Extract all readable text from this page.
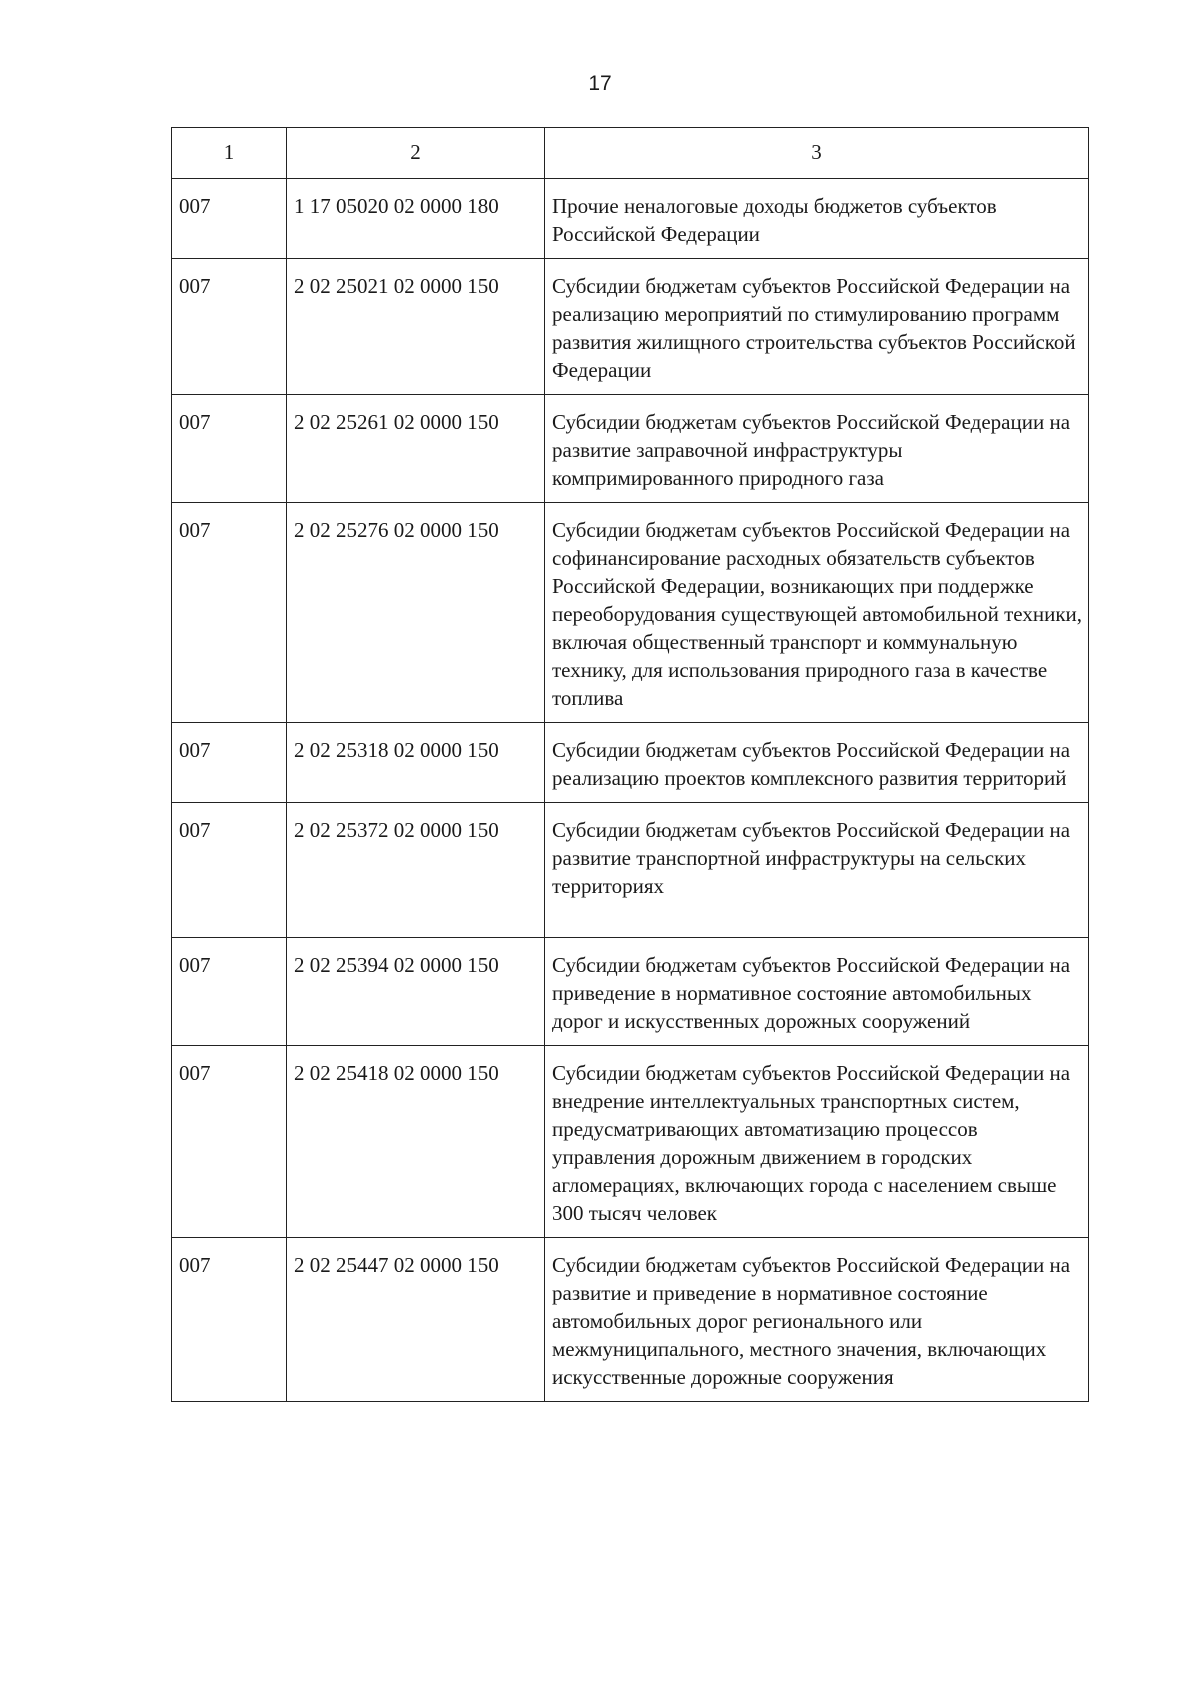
17
1	2	3
007	1 17 05020 02 0000 180	Прочие неналоговые доходы бюджетов субъектов Российской Федерации
007	2 02 25021 02 0000 150	Субсидии бюджетам субъектов Российской Федерации на реализацию мероприятий по стимулированию программ развития жилищного строительства субъектов Российской Федерации
007	2 02 25261 02 0000 150	Субсидии бюджетам субъектов Российской Федерации на развитие заправочной инфраструктуры компримированного природного газа
007	2 02 25276 02 0000 150	Субсидии бюджетам субъектов Российской Федерации на софинансирование расходных обязательств субъектов Российской Федерации, возникающих при поддержке переоборудования существующей автомобильной техники, включая общественный транспорт и коммунальную технику, для использования природного газа в качестве топлива
007	2 02 25318 02 0000 150	Субсидии бюджетам субъектов Российской Федерации на реализацию проектов комплексного развития территорий
007	2 02 25372 02 0000 150	Субсидии бюджетам субъектов Российской Федерации на развитие транспортной инфраструктуры на сельских территориях
007	2 02 25394 02 0000 150	Субсидии бюджетам субъектов Российской Федерации на приведение в нормативное состояние автомобильных дорог и искусственных дорожных сооружений
007	2 02 25418 02 0000 150	Субсидии бюджетам субъектов Российской Федерации на внедрение интеллектуальных транспортных систем, предусматривающих автоматизацию процессов управления дорожным движением в городских агломерациях, включающих города с населением свыше 300 тысяч человек
007	2 02 25447 02 0000 150	Субсидии бюджетам субъектов Российской Федерации на развитие и приведение в нормативное состояние автомобильных дорог регионального или межмуниципального, местного значения, включающих искусственные дорожные сооружения
